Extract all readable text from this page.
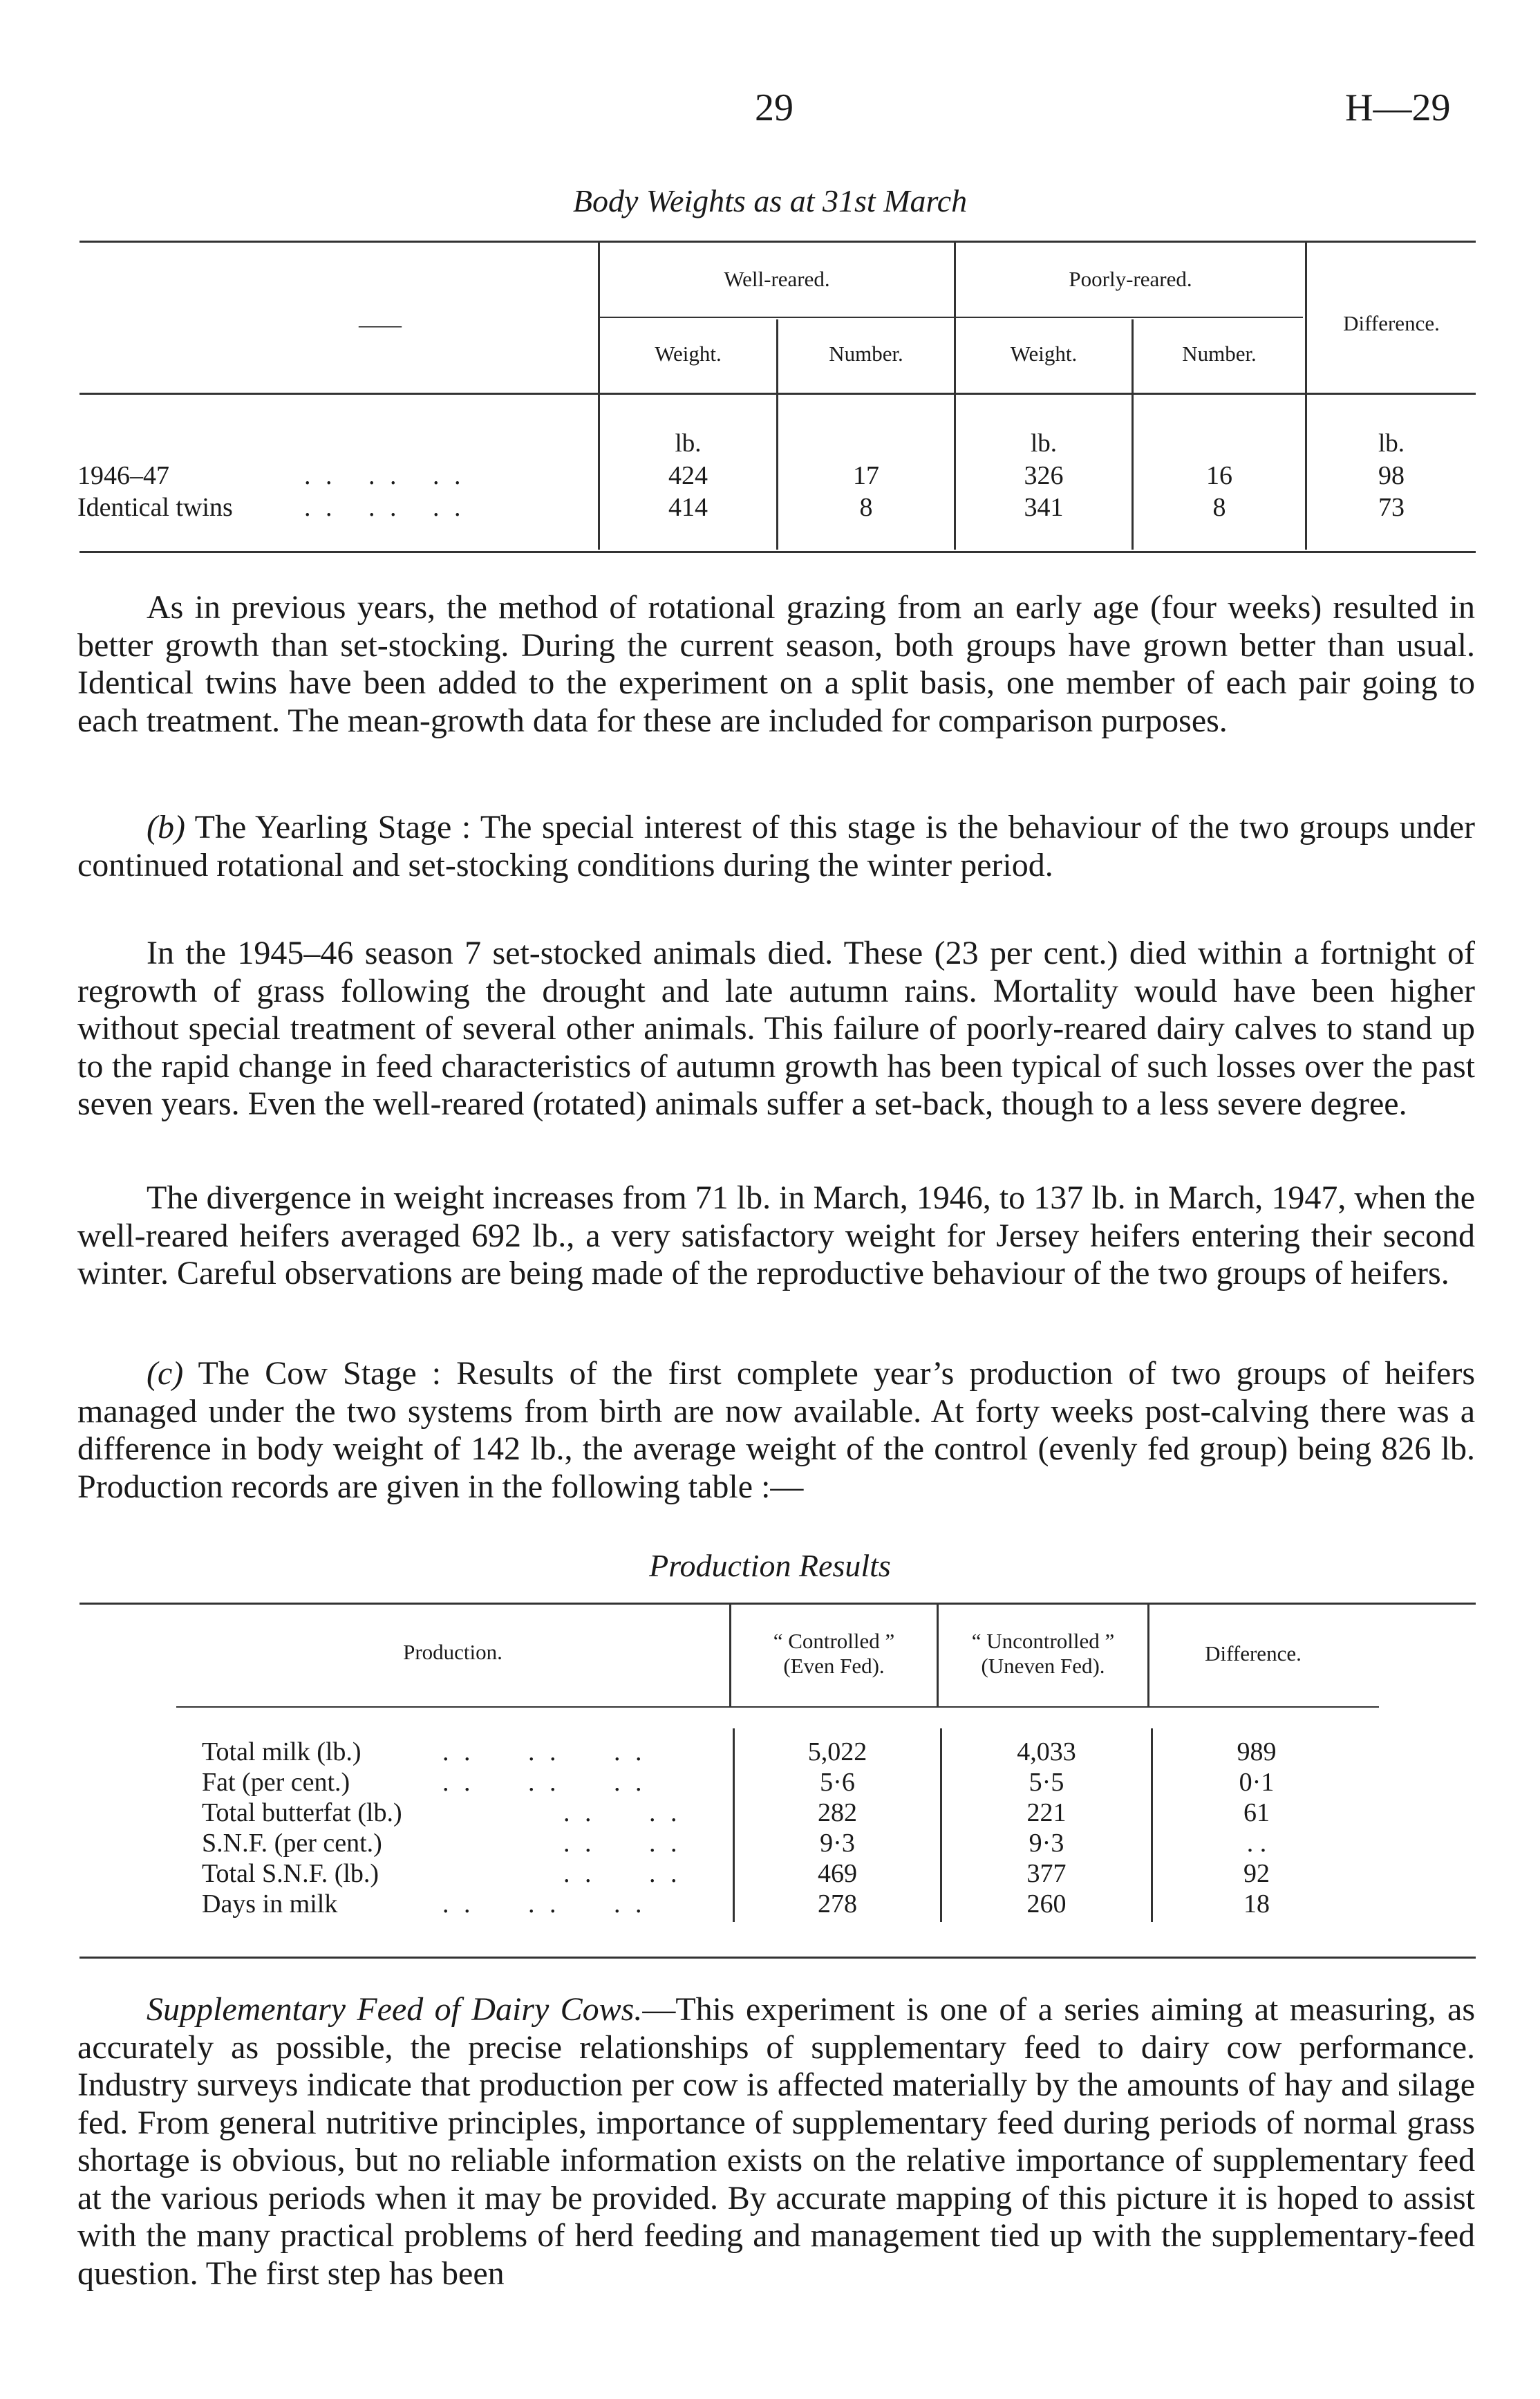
29	H—29
Body Weights as at 31st March
——
Well-reared.	Poorly-reared.
Weight.	Number.	Weight.	Number.
Difference.
lb.	lb.	lb.
1946–47	. .   . .   . .	424	17	326	16	98
Identical twins	. .   . .   . .	414	8	341	8	73

As in previous years, the method of rotational grazing from an early age (four weeks) resulted in better growth than set-stocking. During the current season, both groups have grown better than usual. Identical twins have been added to the experiment on a split basis, one member of each pair going to each treatment. The mean-growth data for these are included for comparison purposes.

(b) The Yearling Stage : The special interest of this stage is the behaviour of the two groups under continued rotational and set-stocking conditions during the winter period.

In the 1945–46 season 7 set-stocked animals died. These (23 per cent.) died within a fortnight of regrowth of grass following the drought and late autumn rains. Mortality would have been higher without special treatment of several other animals. This failure of poorly-reared dairy calves to stand up to the rapid change in feed characteristics of autumn growth has been typical of such losses over the past seven years. Even the well-reared (rotated) animals suffer a set-back, though to a less severe degree.

The divergence in weight increases from 71 lb. in March, 1946, to 137 lb. in March, 1947, when the well-reared heifers averaged 692 lb., a very satisfactory weight for Jersey heifers entering their second winter. Careful observations are being made of the reproductive behaviour of the two groups of heifers.

(c) The Cow Stage : Results of the first complete year’s production of two groups of heifers managed under the two systems from birth are now available. At forty weeks post-calving there was a difference in body weight of 142 lb., the average weight of the control (evenly fed group) being 826 lb. Production records are given in the following table :—

Production Results
Production.	“ Controlled ”
(Even Fed).
“ Uncontrolled ”
(Uneven Fed).
Difference.
Total milk (lb.)	. .     . .     . .	5,022	4,033	989
Fat (per cent.)	. .     . .     . .	5·6	5·5	0·1
Total butterfat (lb.)	. .     . .	282	221	61
S.N.F. (per cent.)	. .     . .	9·3	9·3	. .
Total S.N.F. (lb.)	. .     . .	469	377	92
Days in milk	. .     . .     . .	278	260	18

Supplementary Feed of Dairy Cows.—This experiment is one of a series aiming at measuring, as accurately as possible, the precise relationships of supplementary feed to dairy cow performance. Industry surveys indicate that production per cow is affected materially by the amounts of hay and silage fed. From general nutritive principles, importance of supplementary feed during periods of normal grass shortage is obvious, but no reliable information exists on the relative importance of supplementary feed at the various periods when it may be provided. By accurate mapping of this picture it is hoped to assist with the many practical problems of herd feeding and management tied up with the supplementary-feed question. The first step has been
